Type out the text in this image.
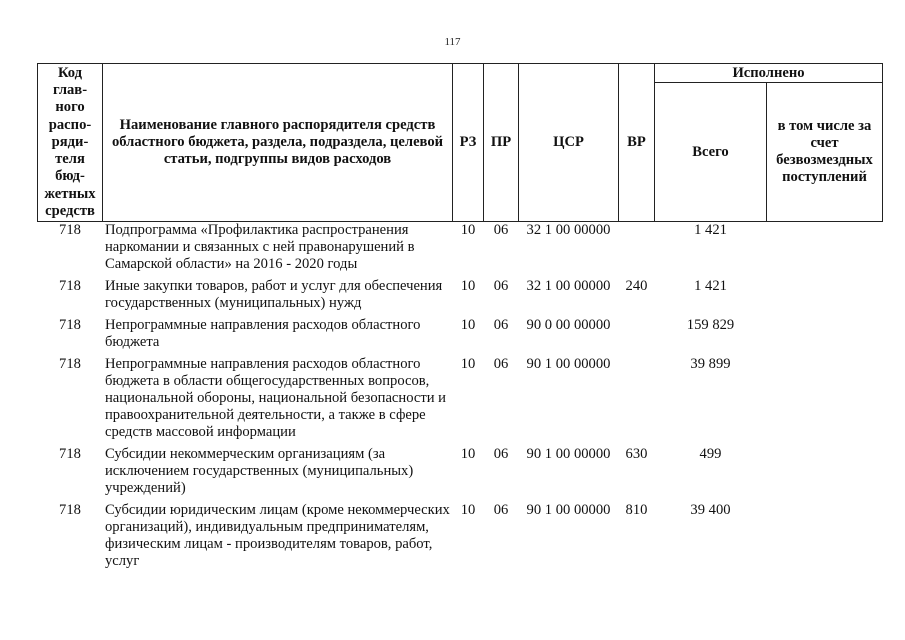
117
Код глав-ного распо-ряди-теля бюд-жетных средств	Наименование главного распорядителя средств областного бюджета, раздела, подраздела, целевой статьи, подгруппы видов расходов	РЗ	ПР	ЦСР	ВР	Исполнено	
						Всего	в том числе за счет безвозмездных поступлений
718	Подпрограмма «Профилактика распространения наркомании и связанных с ней правонарушений в Самарской области» на 2016 - 2020 годы	10	06	32 1 00 00000		1 421	
718	Иные закупки товаров, работ и услуг для обеспечения государственных (муниципальных) нужд	10	06	32 1 00 00000	240	1 421	
718	Непрограммные направления расходов областного бюджета	10	06	90 0 00 00000		159 829	
718	Непрограммные направления расходов областного бюджета в области общегосударственных вопросов, национальной обороны, национальной безопасности и правоохранительной деятельности, а также в сфере средств массовой информации	10	06	90 1 00 00000		39 899	
718	Субсидии некоммерческим организациям (за исключением государственных (муниципальных) учреждений)	10	06	90 1 00 00000	630	499	
718	Субсидии юридическим лицам (кроме некоммерческих организаций), индивидуальным предпринимателям, физическим лицам - производителям товаров, работ, услуг	10	06	90 1 00 00000	810	39 400	
